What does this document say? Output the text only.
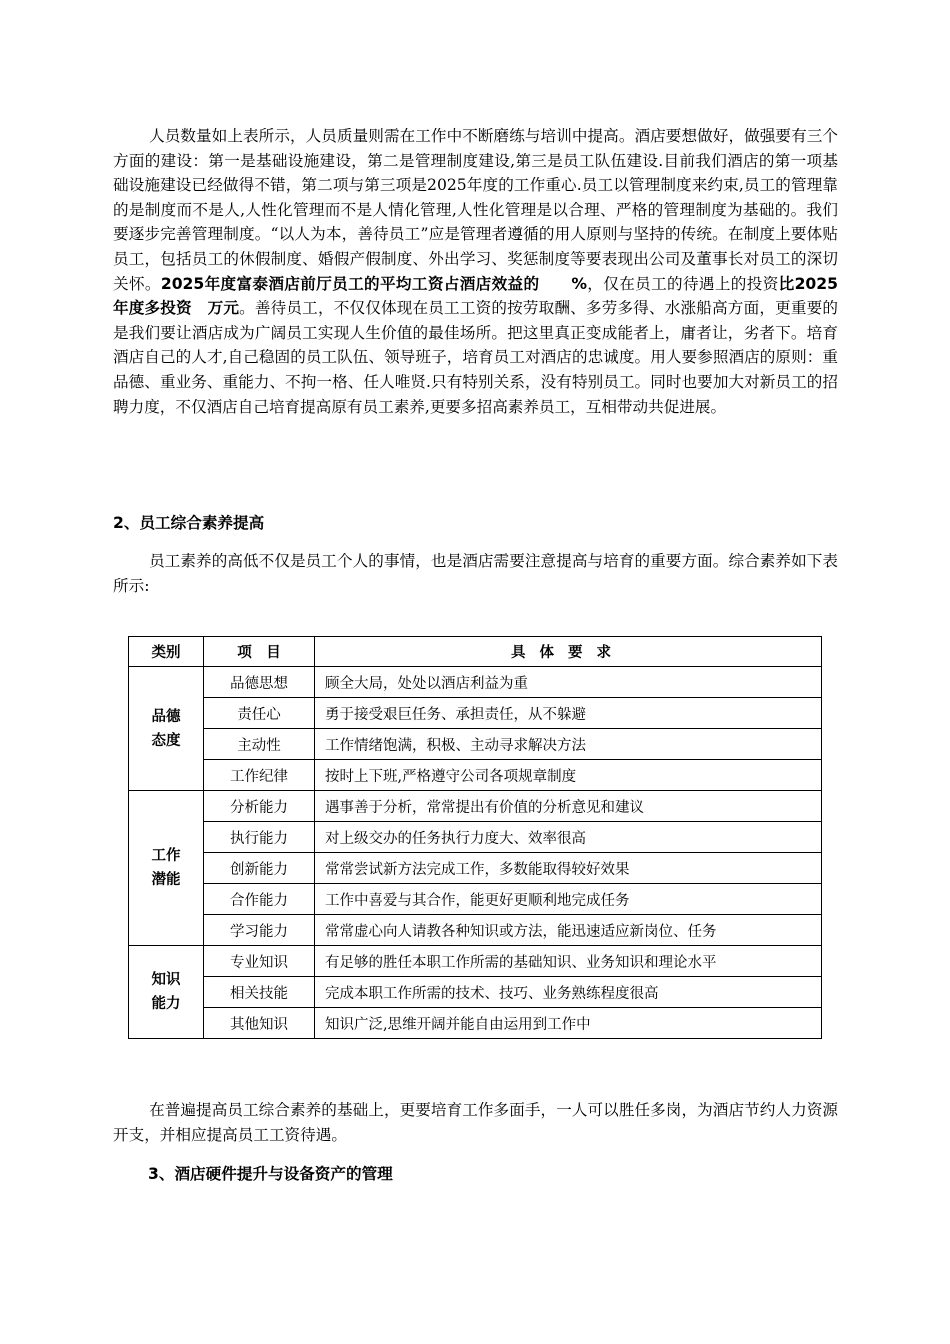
人员数量如上表所示，人员质量则需在工作中不断磨练与培训中提高。酒店要想做好，做强要有三个方面的建设：第一是基础设施建设，第二是管理制度建设,第三是员工队伍建设.目前我们酒店的第一项基础设施建设已经做得不错，第二项与第三项是2025年度的工作重心.员工以管理制度来约束,员工的管理靠的是制度而不是人,人性化管理而不是人情化管理,人性化管理是以合理、严格的管理制度为基础的。我们要逐步完善管理制度。“以人为本，善待员工”应是管理者遵循的用人原则与坚持的传统。在制度上要体贴员工，包括员工的休假制度、婚假产假制度、外出学习、奖惩制度等要表现出公司及董事长对员工的深切关怀。2025年度富泰酒店前厅员工的平均工资占酒店效益的　　%，仅在员工的待遇上的投资比2025年度多投资　万元。善待员工，不仅仅体现在员工工资的按劳取酬、多劳多得、水涨船高方面，更重要的是我们要让酒店成为广阔员工实现人生价值的最佳场所。把这里真正变成能者上，庸者让，劣者下。培育酒店自己的人才,自己稳固的员工队伍、领导班子，培育员工对酒店的忠诚度。用人要参照酒店的原则：重品德、重业务、重能力、不拘一格、任人唯贤.只有特别关系，没有特别员工。同时也要加大对新员工的招聘力度，不仅酒店自己培育提高原有员工素养,更要多招高素养员工，互相带动共促进展。

2、员工综合素养提高

员工素养的高低不仅是员工个人的事情，也是酒店需要注意提高与培育的重要方面。综合素养如下表所示:

类别	项　目	具体要求

品德态度	品德思想	顾全大局，处处以酒店利益为重
	责任心	勇于接受艰巨任务、承担责任，从不躲避
	主动性	工作情绪饱满，积极、主动寻求解决方法
	工作纪律	按时上下班,严格遵守公司各项规章制度

工作潜能	分析能力	遇事善于分析，常常提出有价值的分析意见和建议
	执行能力	对上级交办的任务执行力度大、效率很高
	创新能力	常常尝试新方法完成工作，多数能取得较好效果
	合作能力	工作中喜爱与其合作，能更好更顺利地完成任务
	学习能力	常常虚心向人请教各种知识或方法，能迅速适应新岗位、任务

知识能力	专业知识	有足够的胜任本职工作所需的基础知识、业务知识和理论水平
	相关技能	完成本职工作所需的技术、技巧、业务熟练程度很高
	其他知识	知识广泛,思维开阔并能自由运用到工作中

在普遍提高员工综合素养的基础上，更要培育工作多面手，一人可以胜任多岗，为酒店节约人力资源开支，并相应提高员工工资待遇。

3、酒店硬件提升与设备资产的管理
